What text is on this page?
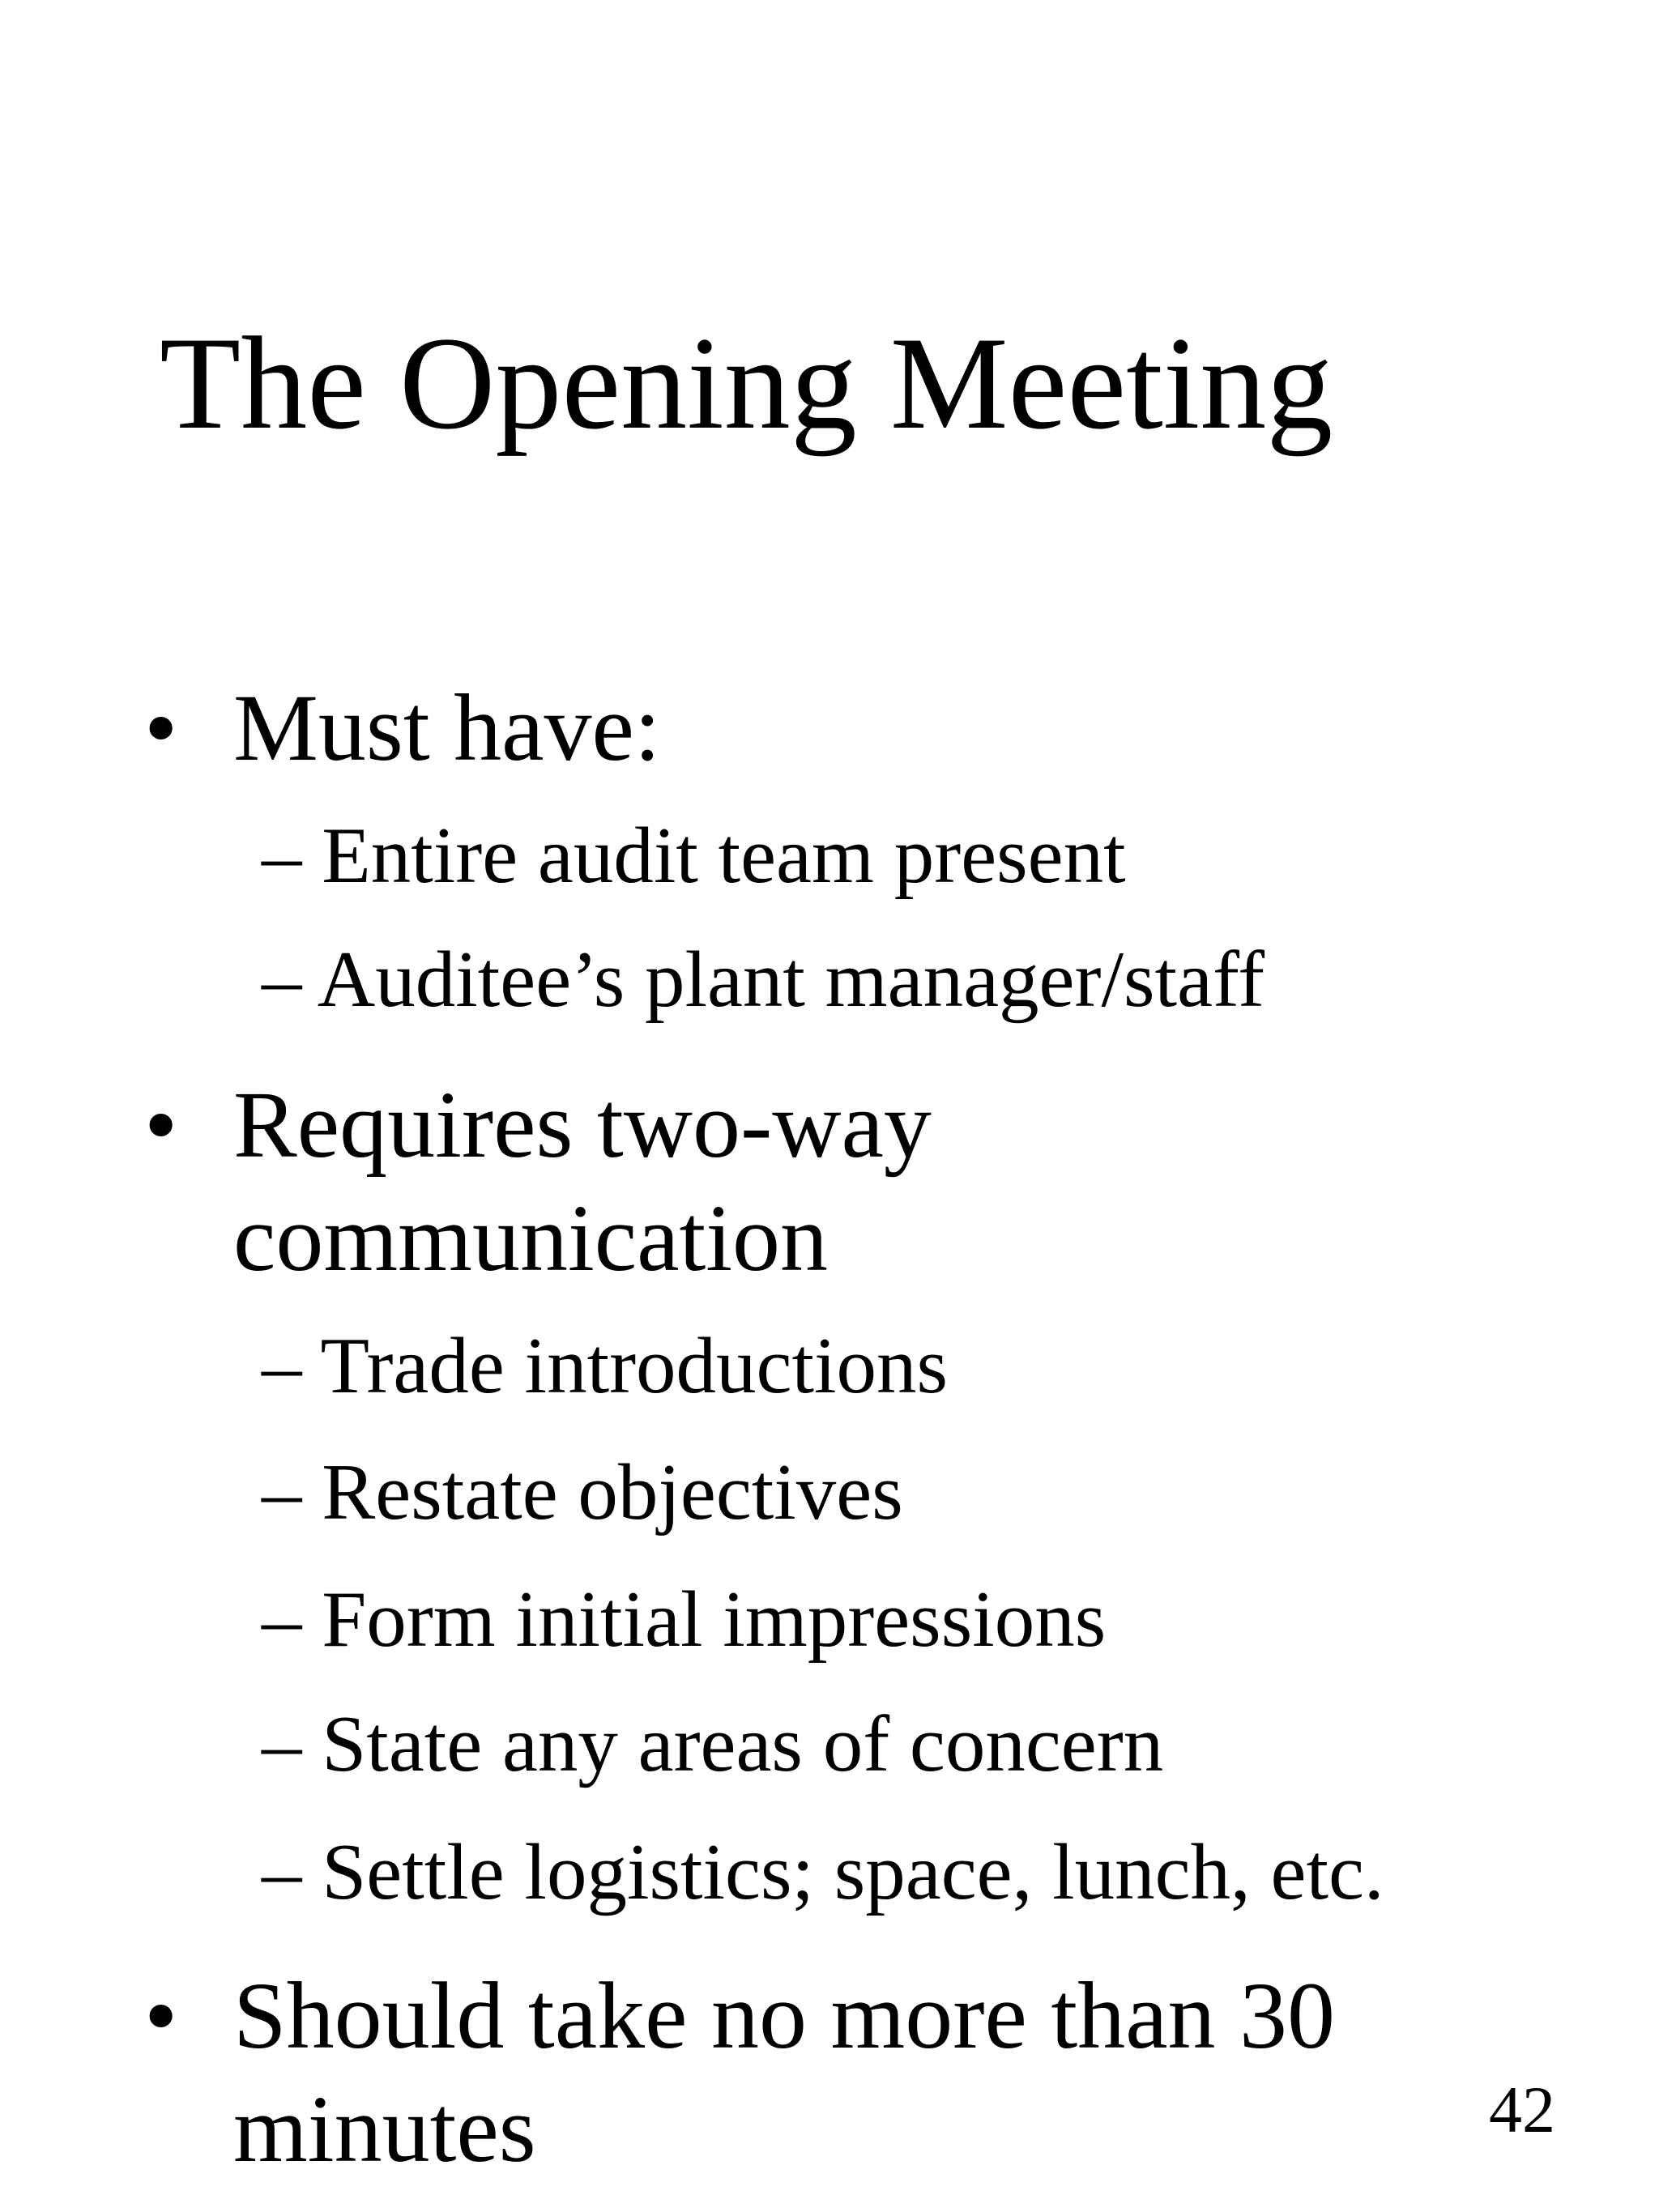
The Opening Meeting
• Must have:
– Entire audit team present
– Auditee’s plant manager/staff
• Requires two-way
communication
– Trade introductions
– Restate objectives
– Form initial impressions
– State any areas of concern
– Settle logistics; space, lunch, etc.
• Should take no more than 30
minutes	42
